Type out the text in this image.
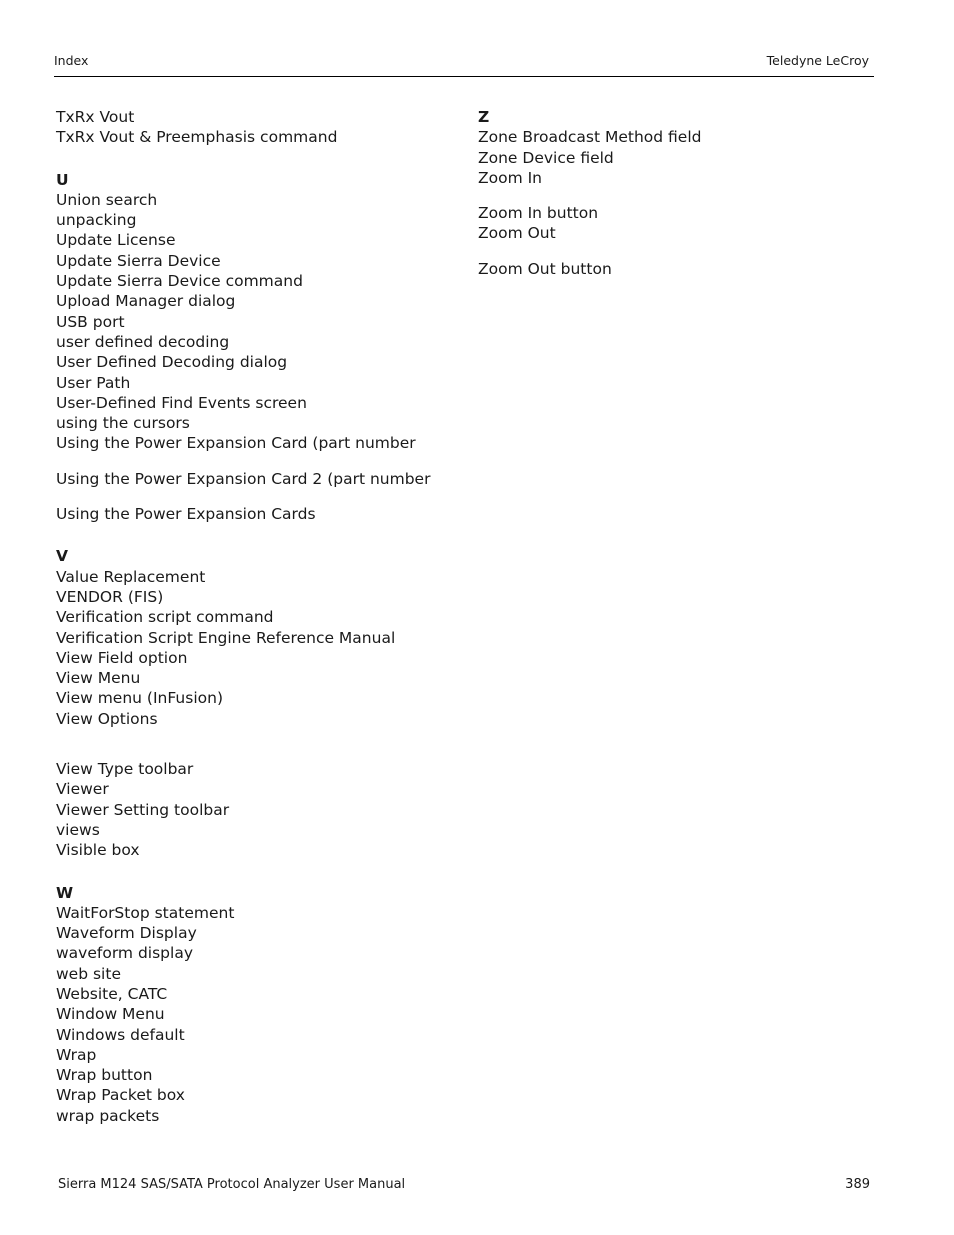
Index	Teledyne LeCroy
TxRx Vout
TxRx Vout & Preemphasis command
U
Union search
unpacking
Update License
Update Sierra Device
Update Sierra Device command
Upload Manager dialog
USB port
user defined decoding
User Defined Decoding dialog
User Path
User-Defined Find Events screen
using the cursors
Using the Power Expansion Card (part number
Using the Power Expansion Card 2 (part number
Using the Power Expansion Cards
V
Value Replacement
VENDOR (FIS)
Verification script command
Verification Script Engine Reference Manual
View Field option
View Menu
View menu (InFusion)
View Options
View Type toolbar
Viewer
Viewer Setting toolbar
views
Visible box
W
WaitForStop statement
Waveform Display
waveform display
web site
Website, CATC
Window Menu
Windows default
Wrap
Wrap button
Wrap Packet box
wrap packets
Z
Zone Broadcast Method field
Zone Device field
Zoom In
Zoom In button
Zoom Out
Zoom Out button
Sierra M124 SAS/SATA Protocol Analyzer User Manual	389
